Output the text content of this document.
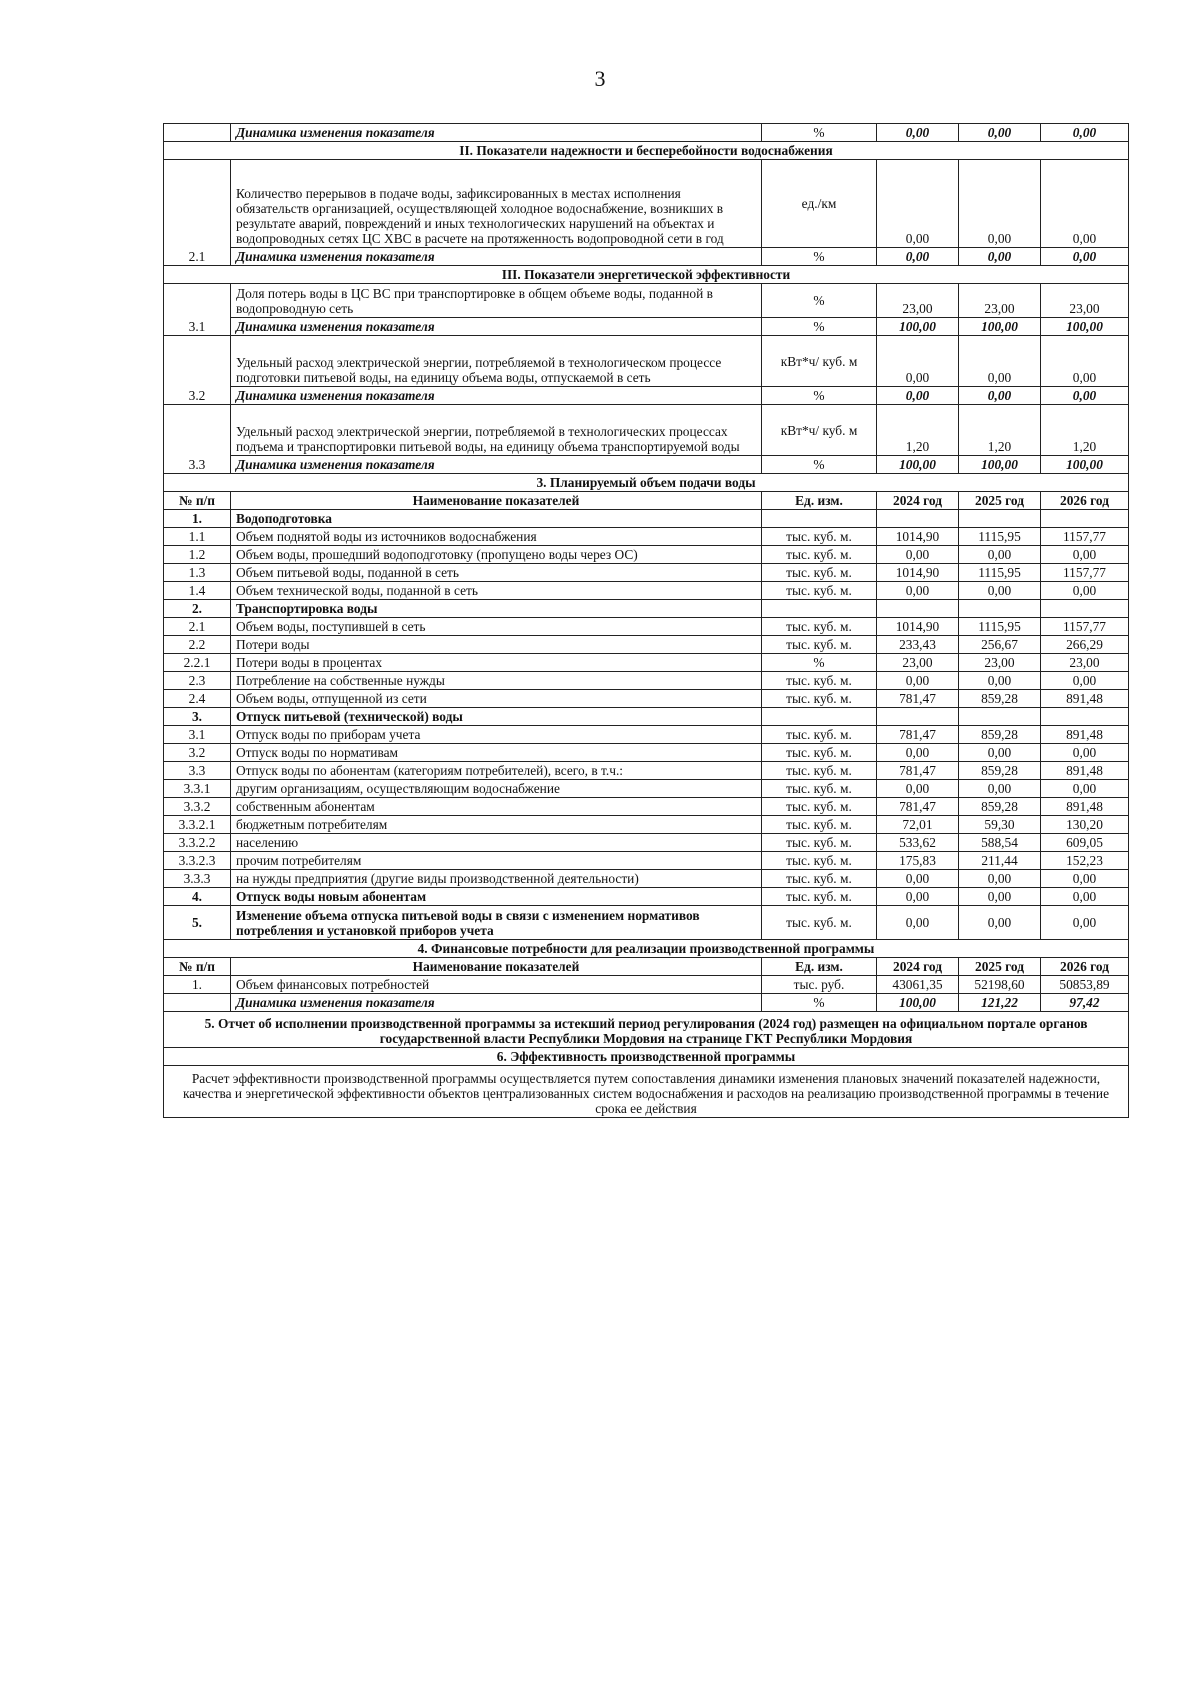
3
	Динамика изменения показателя	%	0,00	0,00	0,00
II. Показатели надежности и бесперебойности водоснабжения					
2.1	Количество перерывов в подаче воды, зафиксированных в местах исполнения обязательств организацией, осуществляющей холодное водоснабжение, возникших в результате аварий, повреждений и иных технологических нарушений на объектах и водопроводных сетях ЦС ХВС в расчете на протяженность водопроводной сети в год	ед./км	0,00	0,00	0,00
	Динамика изменения показателя	%	0,00	0,00	0,00
III. Показатели энергетической эффективности					
3.1	Доля потерь воды в ЦС ВС при транспортировке в общем объеме воды, поданной в водопроводную сеть	%	23,00	23,00	23,00
	Динамика изменения показателя	%	100,00	100,00	100,00
3.2	Удельный расход электрической энергии, потребляемой в технологическом процессе подготовки питьевой воды, на единицу объема воды, отпускаемой в сеть	кВт*ч/ куб. м	0,00	0,00	0,00
	Динамика изменения показателя	%	0,00	0,00	0,00
3.3	Удельный расход электрической энергии, потребляемой в технологических процессах подъема и транспортировки питьевой воды, на единицу объема транспортируемой воды	кВт*ч/ куб. м	1,20	1,20	1,20
	Динамика изменения показателя	%	100,00	100,00	100,00
3. Планируемый объем подачи воды					
№ п/п	Наименование показателей	Ед. изм.	2024 год	2025 год	2026 год
1.	Водоподготовка				
1.1	Объем поднятой воды из источников водоснабжения	тыс. куб. м.	1014,90	1115,95	1157,77
1.2	Объем воды, прошедший водоподготовку (пропущено воды через ОС)	тыс. куб. м.	0,00	0,00	0,00
1.3	Объем питьевой воды, поданной в сеть	тыс. куб. м.	1014,90	1115,95	1157,77
1.4	Объем технической воды, поданной в сеть	тыс. куб. м.	0,00	0,00	0,00
2.	Транспортировка воды				
2.1	Объем воды, поступившей в сеть	тыс. куб. м.	1014,90	1115,95	1157,77
2.2	Потери воды	тыс. куб. м.	233,43	256,67	266,29
2.2.1	Потери воды в процентах	%	23,00	23,00	23,00
2.3	Потребление на собственные нужды	тыс. куб. м.	0,00	0,00	0,00
2.4	Объем воды, отпущенной из сети	тыс. куб. м.	781,47	859,28	891,48
3.	Отпуск питьевой (технической) воды				
3.1	Отпуск воды по приборам учета	тыс. куб. м.	781,47	859,28	891,48
3.2	Отпуск воды по нормативам	тыс. куб. м.	0,00	0,00	0,00
3.3	Отпуск воды по абонентам (категориям потребителей), всего, в т.ч.:	тыс. куб. м.	781,47	859,28	891,48
3.3.1	другим организациям, осуществляющим водоснабжение	тыс. куб. м.	0,00	0,00	0,00
3.3.2	собственным абонентам	тыс. куб. м.	781,47	859,28	891,48
3.3.2.1	бюджетным потребителям	тыс. куб. м.	72,01	59,30	130,20
3.3.2.2	населению	тыс. куб. м.	533,62	588,54	609,05
3.3.2.3	прочим потребителям	тыс. куб. м.	175,83	211,44	152,23
3.3.3	на нужды предприятия (другие виды производственной деятельности)	тыс. куб. м.	0,00	0,00	0,00
4.	Отпуск воды новым абонентам	тыс. куб. м.	0,00	0,00	0,00
5.	Изменение объема отпуска питьевой воды в связи с изменением нормативов потребления и установкой приборов учета	тыс. куб. м.	0,00	0,00	0,00
4. Финансовые потребности для реализации производственной программы					
№ п/п	Наименование показателей	Ед. изм.	2024 год	2025 год	2026 год
1.	Объем финансовых потребностей	тыс. руб.	43061,35	52198,60	50853,89
	Динамика изменения показателя	%	100,00	121,22	97,42
5. Отчет об исполнении производственной программы за истекший период регулирования (2024 год) размещен на официальном портале органов государственной власти Республики Мордовия на странице ГКТ Республики Мордовия					
6. Эффективность производственной программы					
Расчет эффективности производственной программы осуществляется путем сопоставления динамики изменения плановых значений показателей надежности, качества и энергетической эффективности объектов централизованных систем водоснабжения и расходов на реализацию производственной программы в течение срока ее действия					
